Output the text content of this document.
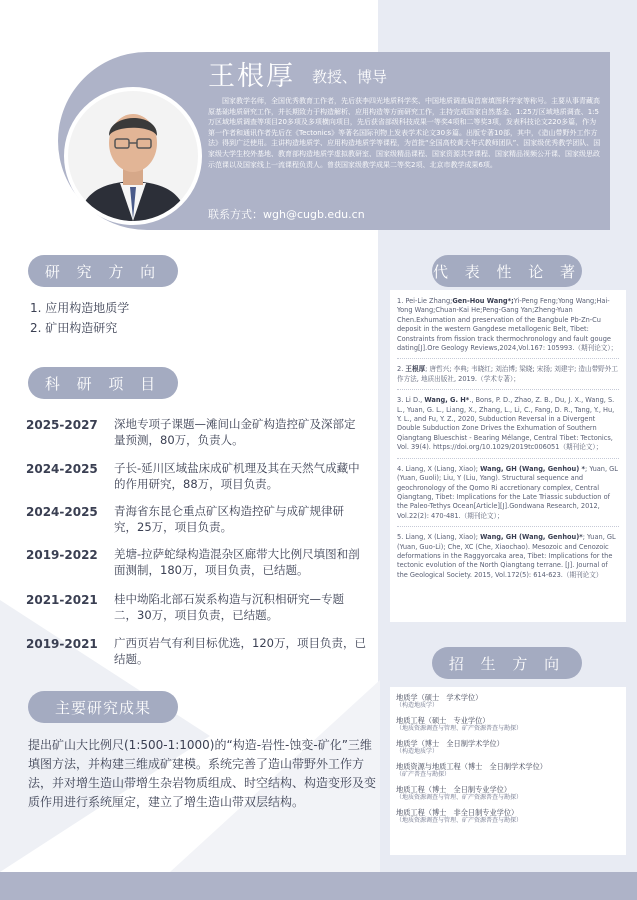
王根厚 教授、博导
国家教学名师，全国优秀教育工作者，先后获李四光地质科学奖、中国地质调查局首席填图科学家等称号。主要从事青藏高原基础地质研究工作，并长期致力于构造解析、应用构造等方面研究工作，主持完成国家自然基金、1:25万区域地质调查、1:5万区域地质调查等项目20多项及多项横向项目，先后获省部级科技成果一等奖4项和二等奖3项，发表科技论文220多篇，作为第一作者和通讯作者先后在《Tectonics》等著名国际刊物上发表学术论文30多篇。出版专著10部，其中，《造山带野外工作方法》得到广泛使用。主讲构造地质学、应用构造地质学等课程，为首批“全国高校黄大年式教师团队”、国家级优秀教学团队、国家级大学生校外基地、教育部构造地质学虚拟教研室、国家级精品课程、国家资源共享课程、国家精品视频公开课、国家级思政示范课以及国家线上一流课程负责人。曾获国家级教学成果二等奖2项、北京市教学成果6项。
联系方式：wgh@cugb.edu.cn
研 究 方 向
1. 应用构造地质学
2. 矿田构造研究
科 研 项 目
2025-2027	深地专项子课题—滩间山金矿构造控矿及深部定量预测，80万，负责人。
2024-2025	子长-延川区域盐床成矿机理及其在天然气成藏中的作用研究，88万，项目负责。
2024-2025	青海省东昆仑重点矿区构造控矿与成矿规律研究，25万，项目负责。
2019-2022	羌塘-拉萨蛇绿构造混杂区廊带大比例尺填图和剖面测制，180万，项目负责，已结题。
2021-2021	桂中坳陷北部石炭系构造与沉积相研究—专题二，30万，项目负责，已结题。
2019-2021	广西页岩气有利目标优选，120万，项目负责，已结题。
主要研究成果
提出矿山大比例尺(1:500-1:1000)的“构造-岩性-蚀变-矿化”三维填图方法，并构建三维成矿建模。系统完善了造山带野外工作方法，并对增生造山带增生杂岩物质组成、时空结构、构造变形及变质作用进行系统厘定，建立了增生造山带双层结构。
代 表 性 论 著
1. Pei-Lie Zhang;Gen-Hou Wang*;Yi-Peng Feng;Yong Wang;Hai-Yong Wang;Chuan-Kai He;Peng-Gang Yan;Zheng-Yuan Chen.Exhumation and preservation of the Bangbule Pb-Zn-Cu deposit in the western Gangdese metallogenic Belt, Tibet: Constraints from fission track thermochronology and fault gouge dating[J].Ore Geology Reviews,2024,Vol.167: 105993.（期刊论文）；
2. 王根厚; 唐哲兴; 李典; 韦晓红; 刘治博; 梁晓; 宋扬; 刘建宇; 造山带野外工作方法, 地质出版社, 2019.（学术专著）；
3. Li D., Wang, G. H*., Bons, P. D., Zhao, Z. B., Du, J. X., Wang, S. L., Yuan, G. L., Liang, X., Zhang, L., Li, C., Fang, D. R., Tang, Y., Hu, Y. L., and Fu, Y. Z., 2020, Subduction Reversal in a Divergent Double Subduction Zone Drives the Exhumation of Southern Qiangtang Blueschist - Bearing Mélange, Central Tibet: Tectonics, Vol. 39(4). https://doi.org/10.1029/2019tc006051（期刊论文）；
4. Liang, X (Liang, Xiao); Wang, GH (Wang, Genhou) *; Yuan, GL (Yuan, Guoli); Liu, Y (Liu, Yang). Structural sequence and geochronology of the Qomo Ri accretionary complex, Central Qiangtang, Tibet: Implications for the Late Triassic subduction of the Paleo-Tethys Ocean[Article][J].Gondwana Research, 2012, Vol.22(2): 470-481.（期刊论文）；
5. Liang, X (Liang, Xiao); Wang, GH (Wang, Genhou)*; Yuan, GL (Yuan, Guo-Li); Che, XC (Che, Xiaochao). Mesozoic and Cenozoic deformations in the Raggyorcaka area, Tibet: Implications for the tectonic evolution of the North Qiangtang terrane. [J]. Journal of the Geological Society. 2015, Vol.172(5): 614-623.（期刊论文）
招 生 方 向
地质学（硕士　学术学位）
（构造地质学）
地质工程（硕士　专业学位）
（地质资源调查与管理、矿产资源普查与勘探）
地质学（博士　全日制学术学位）
（构造地质学）
地质资源与地质工程（博士　全日制学术学位）
（矿产普查与勘探）
地质工程（博士　全日制专业学位）
（地质资源调查与管理、矿产资源普查与勘探）
地质工程（博士　非全日制专业学位）
（地质资源调查与管理、矿产资源普查与勘探）
